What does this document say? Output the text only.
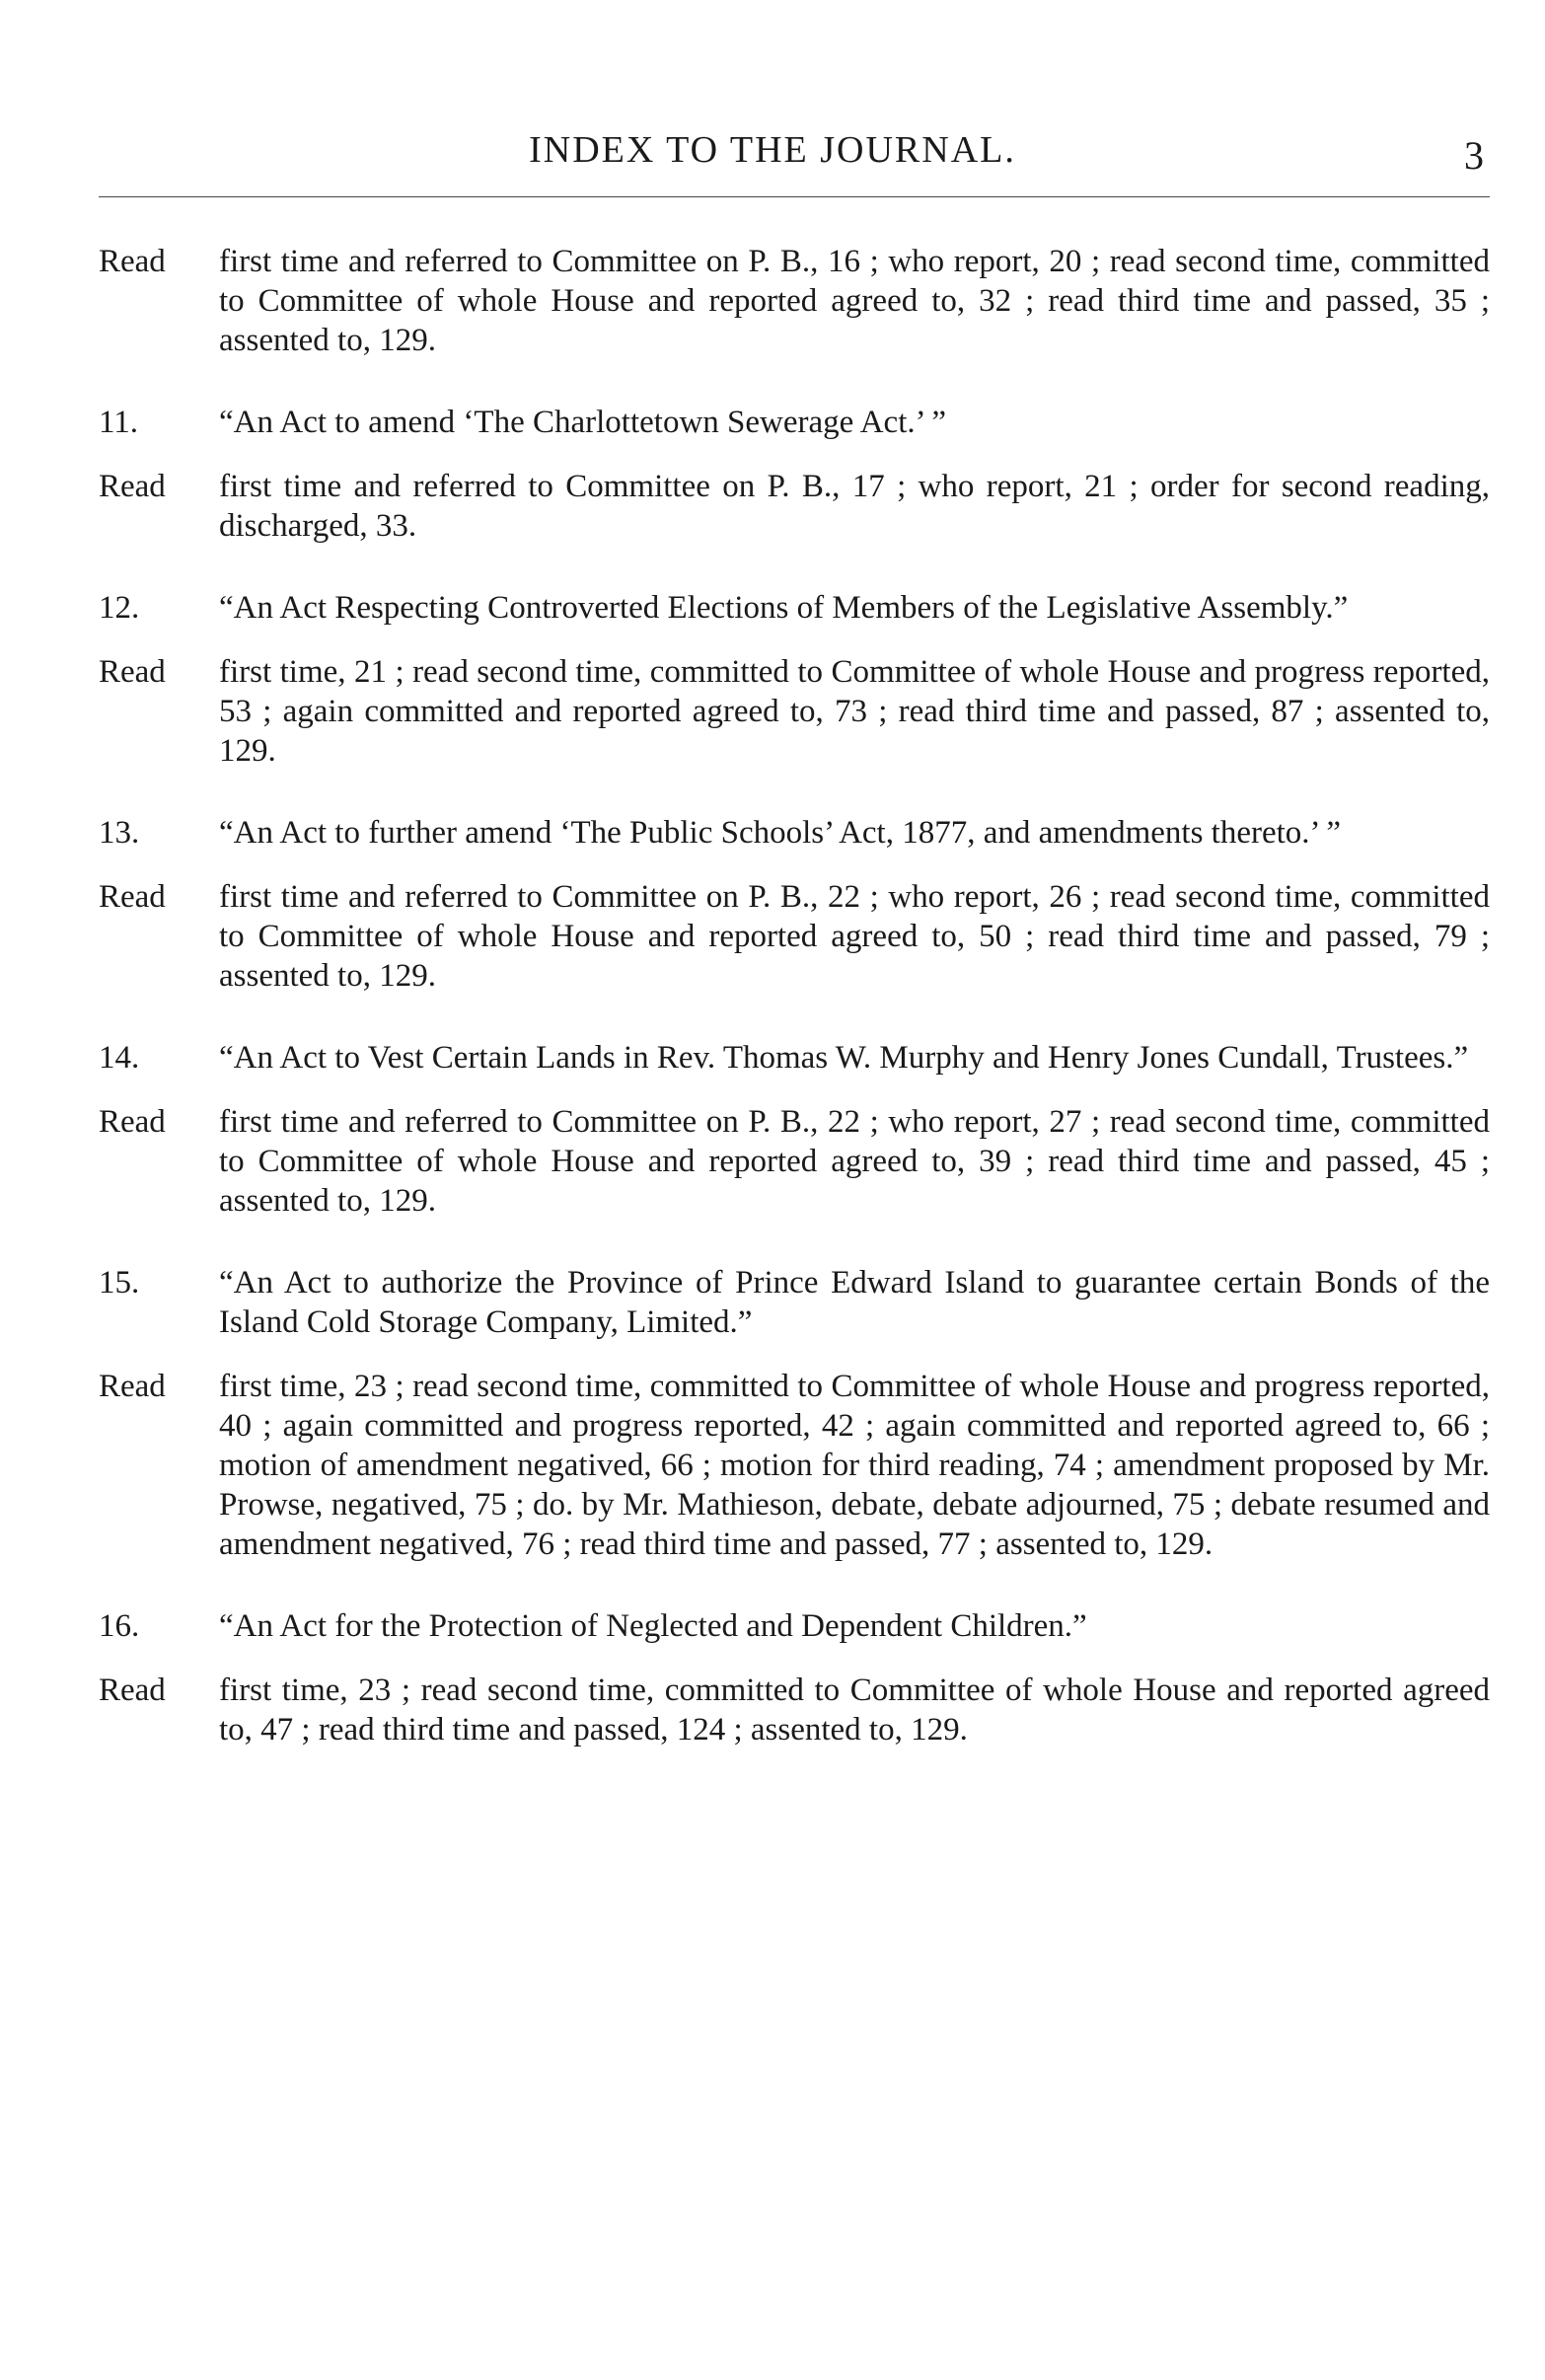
INDEX TO THE JOURNAL.	3

Read first time and referred to Committee on P. B., 16 ; who report, 20 ; read second time, committed to Committee of whole House and reported agreed to, 32 ; read third time and passed, 35 ; assented to, 129.

11. “An Act to amend ‘The Charlottetown Sewerage Act.’ ”

Read first time and referred to Committee on P. B., 17 ; who report, 21 ; order for second reading, discharged, 33.

12. “An Act Respecting Controverted Elections of Members of the Legislative Assembly.”

Read first time, 21 ; read second time, committed to Committee of whole House and progress reported, 53 ; again committed and reported agreed to, 73 ; read third time and passed, 87 ; assented to, 129.

13. “An Act to further amend ‘The Public Schools’ Act, 1877, and amendments thereto.’ ”

Read first time and referred to Committee on P. B., 22 ; who report, 26 ; read second time, committed to Committee of whole House and reported agreed to, 50 ; read third time and passed, 79 ; assented to, 129.

14. “An Act to Vest Certain Lands in Rev. Thomas W. Murphy and Henry Jones Cundall, Trustees.”

Read first time and referred to Committee on P. B., 22 ; who report, 27 ; read second time, committed to Committee of whole House and reported agreed to, 39 ; read third time and passed, 45 ; assented to, 129.

15. “An Act to authorize the Province of Prince Edward Island to guarantee certain Bonds of the Island Cold Storage Company, Limited.”

Read first time, 23 ; read second time, committed to Committee of whole House and progress reported, 40 ; again committed and progress reported, 42 ; again committed and reported agreed to, 66 ; motion of amendment negatived, 66 ; motion for third reading, 74 ; amendment proposed by Mr. Prowse, negatived, 75 ; do. by Mr. Mathieson, debate, debate adjourned, 75 ; debate resumed and amendment negatived, 76 ; read third time and passed, 77 ; assented to, 129.

16. “An Act for the Protection of Neglected and Dependent Children.”

Read first time, 23 ; read second time, committed to Committee of whole House and reported agreed to, 47 ; read third time and passed, 124 ; assented to, 129.
